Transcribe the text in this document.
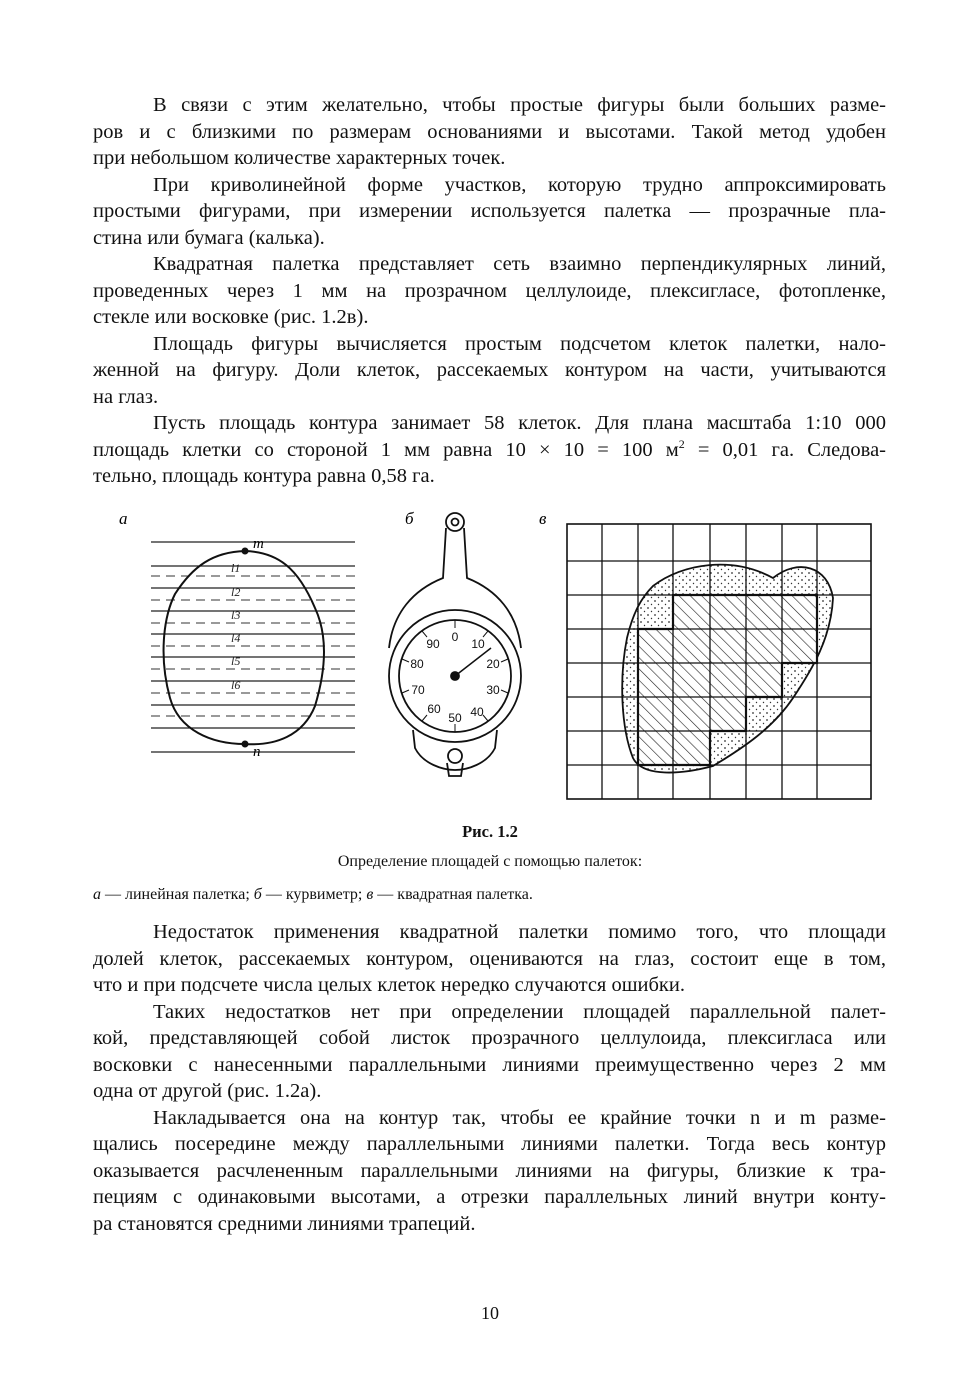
В связи с этим желательно, чтобы простые фигуры были больших разме-
ров и с близкими по размерам основаниями и высотами. Такой метод удобен
при небольшом количестве характерных точек.

При криволинейной форме участков, которую трудно аппроксимировать
простыми фигурами, при измерении используется палетка — прозрачные пла-
стина или бумага (калька).

Квадратная палетка представляет сеть взаимно перпендикулярных линий,
проведенных через 1 мм на прозрачном целлулоиде, плексигласе, фотопленке,
стекле или восковке (рис. 1.2в).

Площадь фигуры вычисляется простым подсчетом клеток палетки, нало-
женной на фигуру. Доли клеток, рассекаемых контуром на части, учитываются
на глаз.

Пусть площадь контура занимает 58 клеток. Для плана масштаба 1:10 000
площадь клетки со стороной 1 мм равна 10 × 10 = 100 $м^2 = 0,01$ га. Следова-
тельно, площадь контура равна 0,58 га.

а
m
n
l1
l2
l3
l4
l5
l6
б
0 10
20
30
40
50
60
70
80
90
в
Рис. 1.2
Определение площадей с помощью палеток:
а — линейная палетка; б — курвиметр; в — квадратная палетка.

Недостаток применения квадратной палетки помимо того, что площади
долей клеток, рассекаемых контуром, оцениваются на глаз, состоит еще в том,
что и при подсчете числа целых клеток нередко случаются ошибки.

Таких недостатков нет при определении площадей параллельной палет-
кой, представляющей собой листок прозрачного целлулоида, плексигласа или
восковки с нанесенными параллельными линиями преимущественно через 2 мм
одна от другой (рис. 1.2а).

Накладывается она на контур так, чтобы ее крайние точки n и m разме-
щались посередине между параллельными линиями палетки. Тогда весь контур
оказывается расчлененным параллельными линиями на фигуры, близкие к тра-
пециям с одинаковыми высотами, а отрезки параллельных линий внутри конту-
ра становятся средними линиями трапеций.

10
